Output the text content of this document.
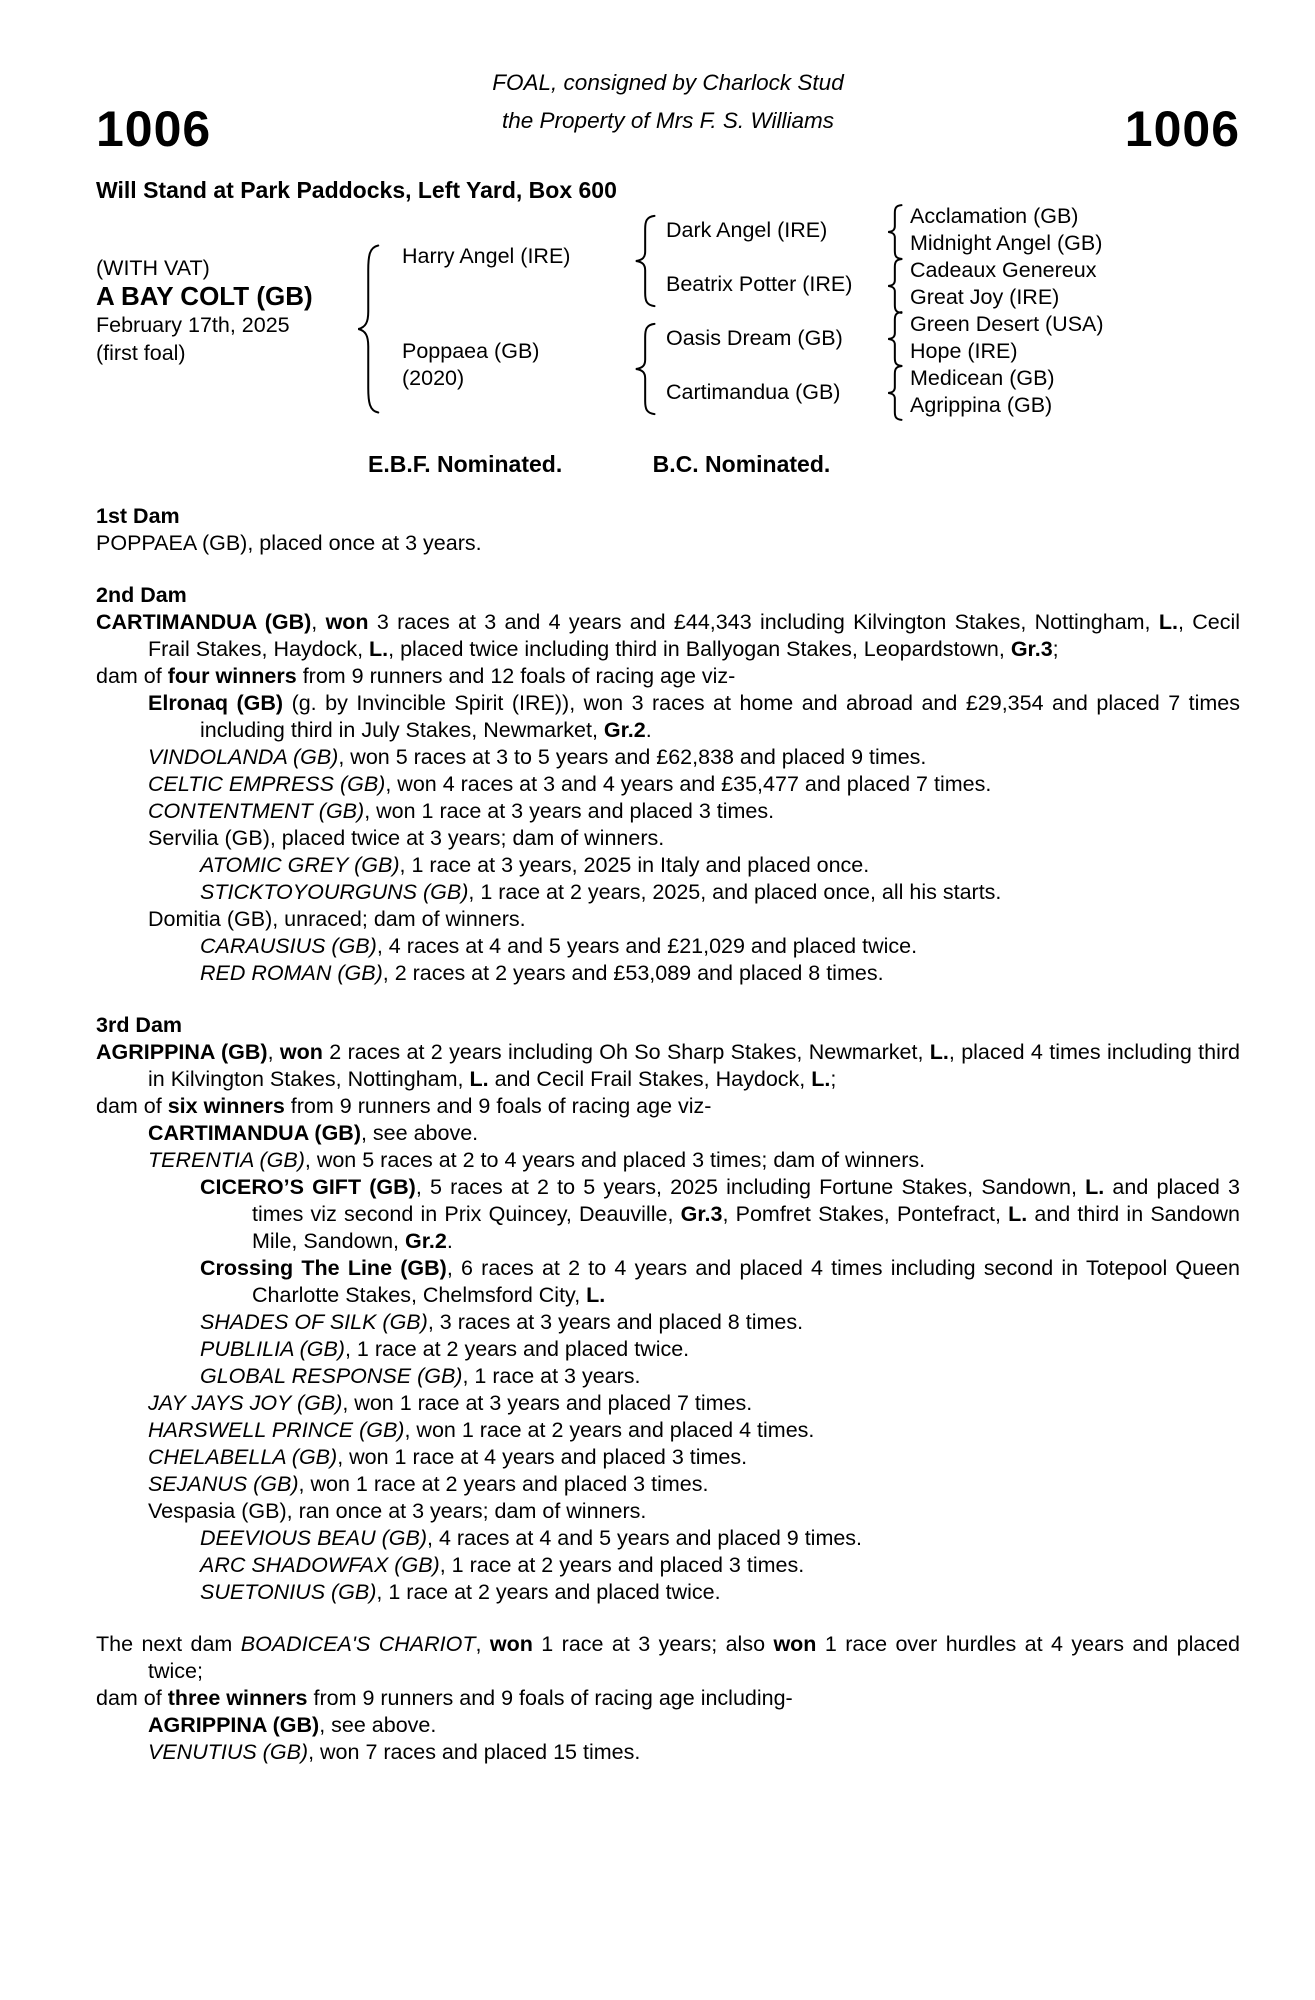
1006
FOAL, consigned by Charlock Stud
the Property of Mrs F. S. Williams	1006
Will Stand at Park Paddocks, Left Yard, Box 600
(WITH VAT)
A BAY COLT (GB)
February 17th, 2025
(first foal)
Harry Angel (IRE)
Poppaea (GB)
(2020)
Dark Angel (IRE)
Beatrix Potter (IRE)
Oasis Dream (GB)
Cartimandua (GB)
Acclamation (GB)
Midnight Angel (GB)
Cadeaux Genereux
Great Joy (IRE)
Green Desert (USA)
Hope (IRE)
Medicean (GB)
Agrippina (GB)
E.B.F. Nominated.	B.C. Nominated.
1st Dam
POPPAEA (GB), placed once at 3 years.
2nd Dam
CARTIMANDUA (GB), won 3 races at 3 and 4 years and £44,343 including Kilvington Stakes, Nottingham, L., Cecil Frail Stakes, Haydock, L., placed twice including third in Ballyogan Stakes, Leopardstown, Gr.3;
dam of four winners from 9 runners and 12 foals of racing age viz-
Elronaq (GB) (g. by Invincible Spirit (IRE)), won 3 races at home and abroad and £29,354 and placed 7 times including third in July Stakes, Newmarket, Gr.2.
VINDOLANDA (GB), won 5 races at 3 to 5 years and £62,838 and placed 9 times.
CELTIC EMPRESS (GB), won 4 races at 3 and 4 years and £35,477 and placed 7 times.
CONTENTMENT (GB), won 1 race at 3 years and placed 3 times.
Servilia (GB), placed twice at 3 years; dam of winners.
ATOMIC GREY (GB), 1 race at 3 years, 2025 in Italy and placed once.
STICKTOYOURGUNS (GB), 1 race at 2 years, 2025, and placed once, all his starts.
Domitia (GB), unraced; dam of winners.
CARAUSIUS (GB), 4 races at 4 and 5 years and £21,029 and placed twice.
RED ROMAN (GB), 2 races at 2 years and £53,089 and placed 8 times.
3rd Dam
AGRIPPINA (GB), won 2 races at 2 years including Oh So Sharp Stakes, Newmarket, L., placed 4 times including third in Kilvington Stakes, Nottingham, L. and Cecil Frail Stakes, Haydock, L.;
dam of six winners from 9 runners and 9 foals of racing age viz-
CARTIMANDUA (GB), see above.
TERENTIA (GB), won 5 races at 2 to 4 years and placed 3 times; dam of winners.
CICERO’S GIFT (GB), 5 races at 2 to 5 years, 2025 including Fortune Stakes, Sandown, L. and placed 3 times viz second in Prix Quincey, Deauville, Gr.3, Pomfret Stakes, Pontefract, L. and third in Sandown Mile, Sandown, Gr.2.
Crossing The Line (GB), 6 races at 2 to 4 years and placed 4 times including second in Totepool Queen Charlotte Stakes, Chelmsford City, L.
SHADES OF SILK (GB), 3 races at 3 years and placed 8 times.
PUBLILIA (GB), 1 race at 2 years and placed twice.
GLOBAL RESPONSE (GB), 1 race at 3 years.
JAY JAYS JOY (GB), won 1 race at 3 years and placed 7 times.
HARSWELL PRINCE (GB), won 1 race at 2 years and placed 4 times.
CHELABELLA (GB), won 1 race at 4 years and placed 3 times.
SEJANUS (GB), won 1 race at 2 years and placed 3 times.
Vespasia (GB), ran once at 3 years; dam of winners.
DEEVIOUS BEAU (GB), 4 races at 4 and 5 years and placed 9 times.
ARC SHADOWFAX (GB), 1 race at 2 years and placed 3 times.
SUETONIUS (GB), 1 race at 2 years and placed twice.
The next dam BOADICEA'S CHARIOT, won 1 race at 3 years; also won 1 race over hurdles at 4 years and placed twice;
dam of three winners from 9 runners and 9 foals of racing age including-
AGRIPPINA (GB), see above.
VENUTIUS (GB), won 7 races and placed 15 times.
